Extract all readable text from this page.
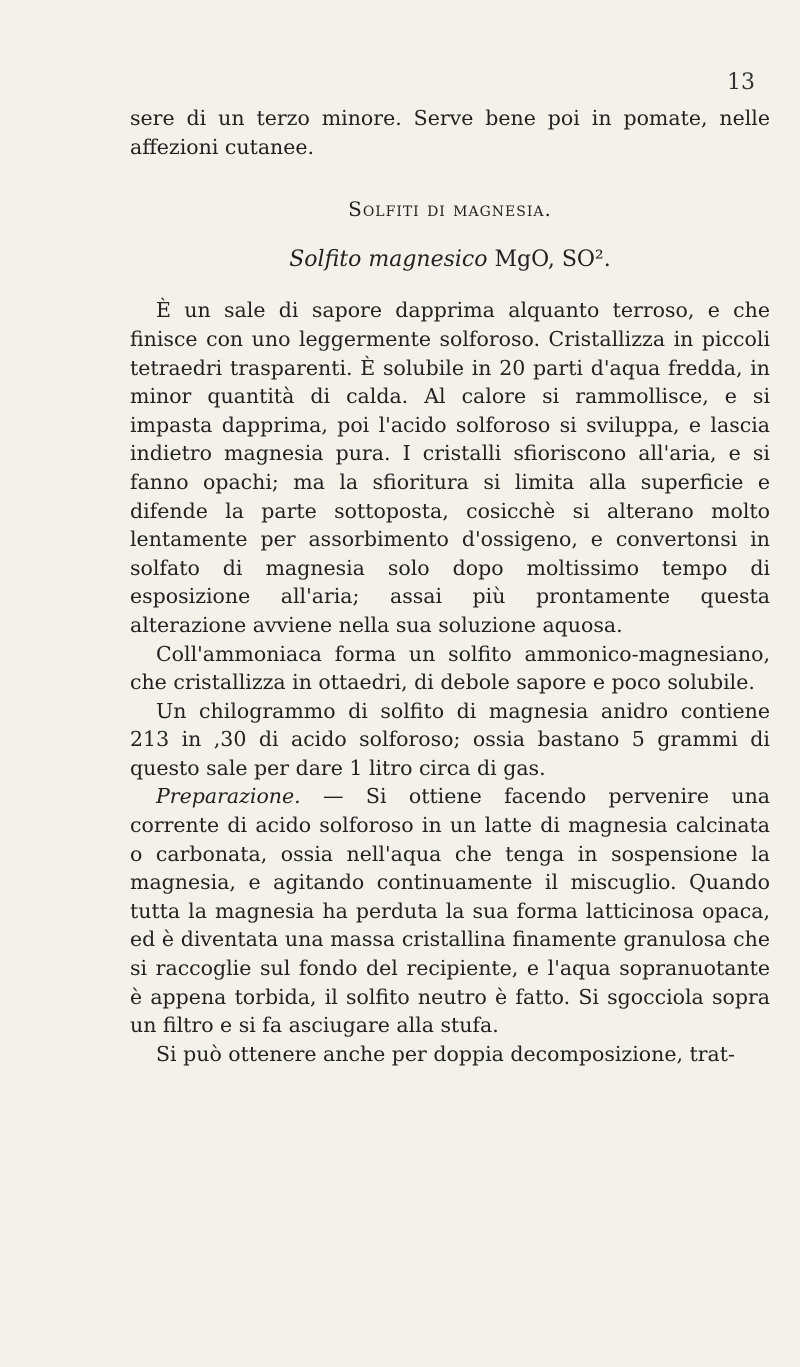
13

sere di un terzo minore. Serve bene poi in pomate, nelle affezioni cutanee.

Solfiti di magnesia.
Solfito magnesico MgO, SO².

È un sale di sapore dapprima alquanto terroso, e che finisce con uno leggermente solforoso. Cristallizza in piccoli tetraedri trasparenti. È solubile in 20 parti d'aqua fredda, in minor quantità di calda. Al calore si rammollisce, e si impasta dapprima, poi l'acido solforoso si sviluppa, e lascia indietro magnesia pura. I cristalli sfioriscono all'aria, e si fanno opachi; ma la sfioritura si limita alla superficie e difende la parte sottoposta, cosicchè si alterano molto lentamente per assorbimento d'ossigeno, e convertonsi in solfato di magnesia solo dopo moltissimo tempo di esposizione all'aria; assai più prontamente questa alterazione avviene nella sua soluzione aquosa.

Coll'ammoniaca forma un solfito ammonico-magnesiano, che cristallizza in ottaedri, di debole sapore e poco solubile.

Un chilogrammo di solfito di magnesia anidro contiene 213 in ,30 di acido solforoso; ossia bastano 5 grammi di questo sale per dare 1 litro circa di gas.

Preparazione. — Si ottiene facendo pervenire una corrente di acido solforoso in un latte di magnesia calcinata o carbonata, ossia nell'aqua che tenga in sospensione la magnesia, e agitando continuamente il miscuglio. Quando tutta la magnesia ha perduta la sua forma latticinosa opaca, ed è diventata una massa cristallina finamente granulosa che si raccoglie sul fondo del recipiente, e l'aqua sopranuotante è appena torbida, il solfito neutro è fatto. Si sgocciola sopra un filtro e si fa asciugare alla stufa.

Si può ottenere anche per doppia decomposizione, trat-
